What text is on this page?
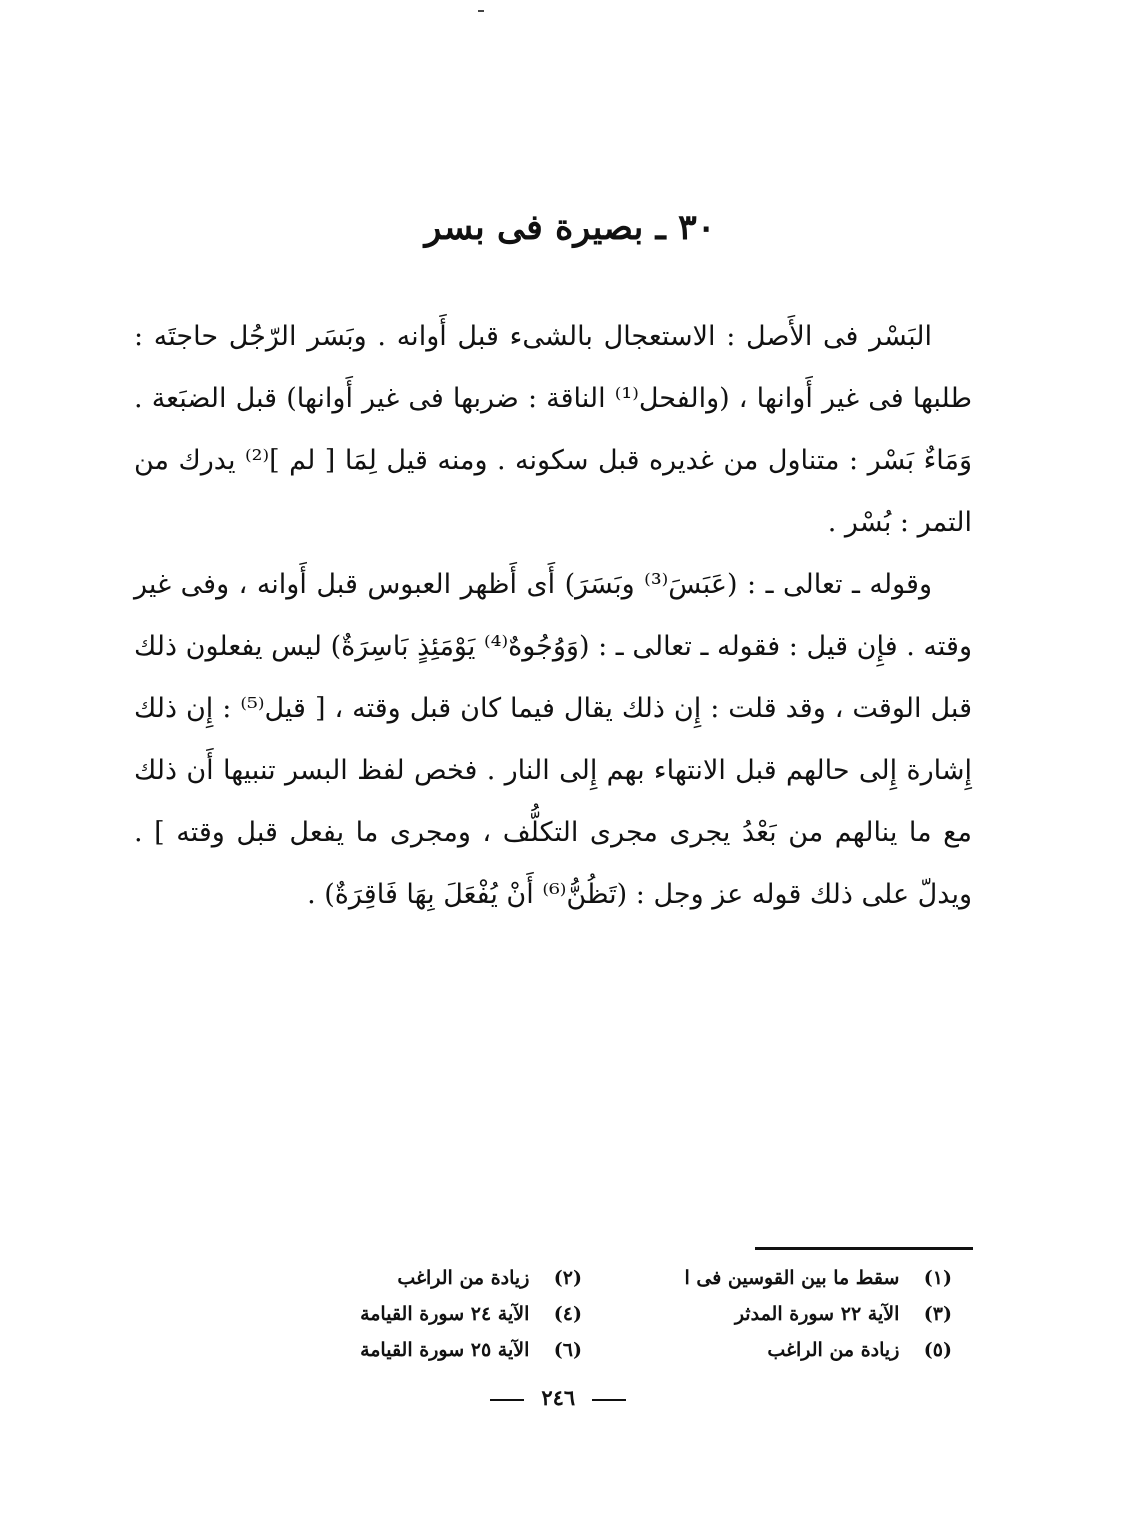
٣٠ ـ بصيرة فى بسر

البَسْر فى الأَصل : الاستعجال بالشىء قبل أَوانه . وبَسَر الرّجُل حاجتَه : طلبها فى غير أَوانها ، (والفحل⁽¹⁾ الناقة : ضربها فى غير أَوانها) قبل الضبَعة . وَمَاءٌ بَسْر : متناول من غديره قبل سكونه . ومنه قيل لِمَا [ لم ]⁽²⁾ يدرك من التمر : بُسْر .

وقوله ـ تعالى ـ : (عَبَسَ⁽³⁾ وبَسَرَ) أَى أَظهر العبوس قبل أَوانه ، وفى غير وقته . فإِن قيل : فقوله ـ تعالى ـ : (وَوُجُوهٌ⁽⁴⁾ يَوْمَئِذٍ بَاسِرَةٌ) ليس يفعلون ذلك قبل الوقت ، وقد قلت : إِن ذلك يقال فيما كان قبل وقته ، [ قيل⁽⁵⁾ : إِن ذلك إِشارة إِلى حالهم قبل الانتهاء بهم إِلى النار . فخص لفظ البسر تنبيها أَن ذلك مع ما ينالهم من بَعْدُ يجرى مجرى التكلُّف ، ومجرى ما يفعل قبل وقته ] . ويدلّ على ذلك قوله عز وجل : (تَظُنُّ⁽⁶⁾ أَنْ يُفْعَلَ بِهَا فَاقِرَةٌ) .

(١) سقط ما بين القوسين فى ا
(٢) زيادة من الراغب
(٣) الآية ٢٢ سورة المدثر
(٤) الآية ٢٤ سورة القيامة
(٥) زيادة من الراغب
(٦) الآية ٢٥ سورة القيامة
٢٤٦
